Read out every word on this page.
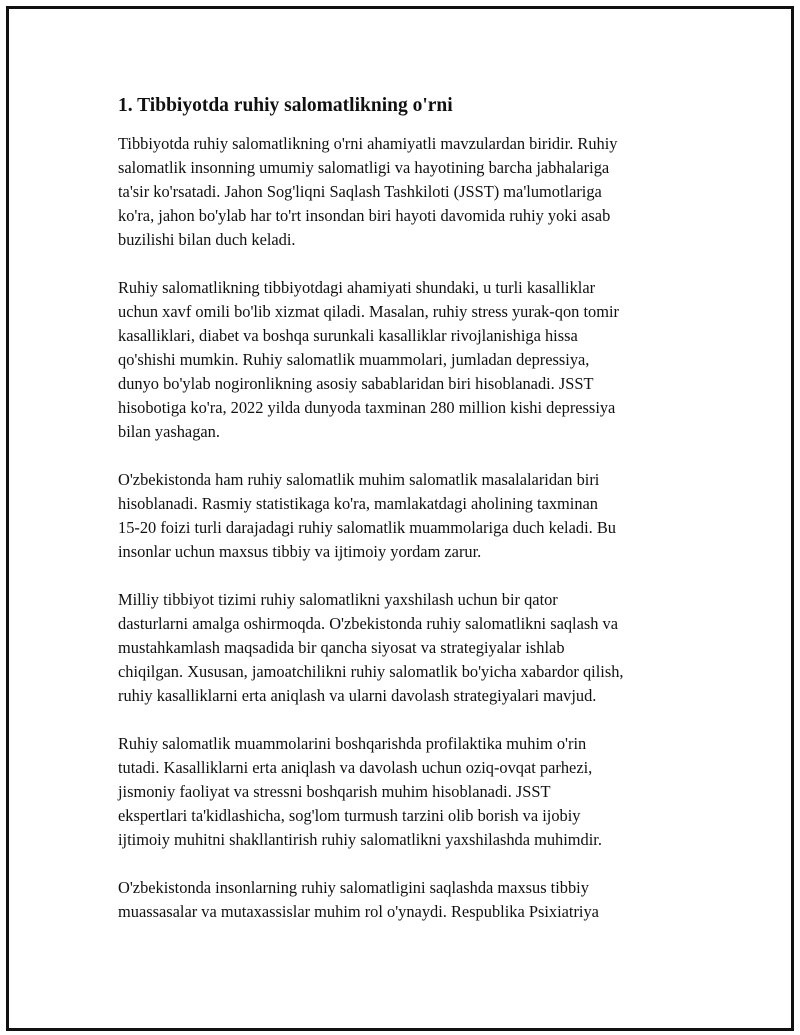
1. Tibbiyotda ruhiy salomatlikning o'rni

Tibbiyotda ruhiy salomatlikning o'rni ahamiyatli mavzulardan biridir. Ruhiy
salomatlik insonning umumiy salomatligi va hayotining barcha jabhalariga
ta'sir ko'rsatadi. Jahon Sog'liqni Saqlash Tashkiloti (JSST) ma'lumotlariga
ko'ra, jahon bo'ylab har to'rt insondan biri hayoti davomida ruhiy yoki asab
buzilishi bilan duch keladi.

Ruhiy salomatlikning tibbiyotdagi ahamiyati shundaki, u turli kasalliklar
uchun xavf omili bo'lib xizmat qiladi. Masalan, ruhiy stress yurak-qon tomir
kasalliklari, diabet va boshqa surunkali kasalliklar rivojlanishiga hissa
qo'shishi mumkin. Ruhiy salomatlik muammolari, jumladan depressiya,
dunyo bo'ylab nogironlikning asosiy sabablaridan biri hisoblanadi. JSST
hisobotiga ko'ra, 2022 yilda dunyoda taxminan 280 million kishi depressiya
bilan yashagan.

O'zbekistonda ham ruhiy salomatlik muhim salomatlik masalalaridan biri
hisoblanadi. Rasmiy statistikaga ko'ra, mamlakatdagi aholining taxminan
15-20 foizi turli darajadagi ruhiy salomatlik muammolariga duch keladi. Bu
insonlar uchun maxsus tibbiy va ijtimoiy yordam zarur.

Milliy tibbiyot tizimi ruhiy salomatlikni yaxshilash uchun bir qator
dasturlarni amalga oshirmoqda. O'zbekistonda ruhiy salomatlikni saqlash va
mustahkamlash maqsadida bir qancha siyosat va strategiyalar ishlab
chiqilgan. Xususan, jamoatchilikni ruhiy salomatlik bo'yicha xabardor qilish,
ruhiy kasalliklarni erta aniqlash va ularni davolash strategiyalari mavjud.

Ruhiy salomatlik muammolarini boshqarishda profilaktika muhim o'rin
tutadi. Kasalliklarni erta aniqlash va davolash uchun oziq-ovqat parhezi,
jismoniy faoliyat va stressni boshqarish muhim hisoblanadi. JSST
ekspertlari ta'kidlashicha, sog'lom turmush tarzini olib borish va ijobiy
ijtimoiy muhitni shakllantirish ruhiy salomatlikni yaxshilashda muhimdir.

O'zbekistonda insonlarning ruhiy salomatligini saqlashda maxsus tibbiy
muassasalar va mutaxassislar muhim rol o'ynaydi. Respublika Psixiatriya
